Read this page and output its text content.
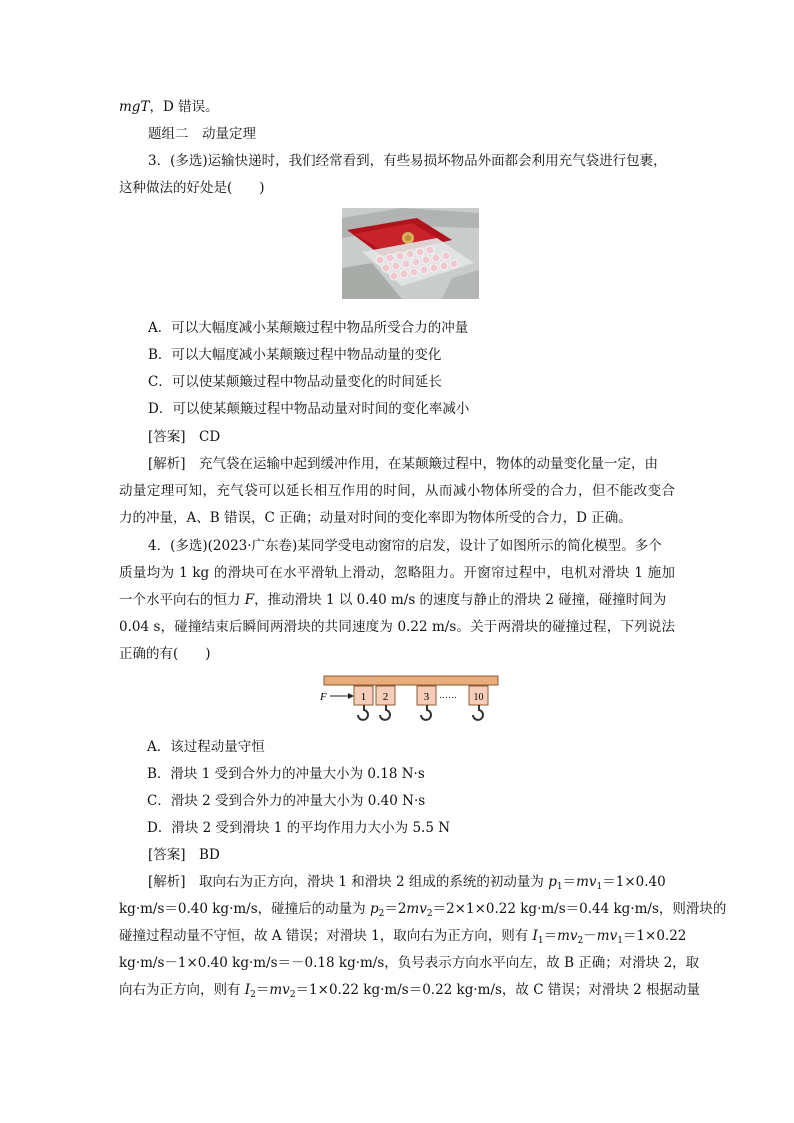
mgT，D 错误。
题组二　动量定理
3．(多选)运输快递时，我们经常看到，有些易损坏物品外面都会利用充气袋进行包裹，
这种做法的好处是(　　)
A．可以大幅度减小某颠簸过程中物品所受合力的冲量
B．可以大幅度减小某颠簸过程中物品动量的变化
C．可以使某颠簸过程中物品动量变化的时间延长
D．可以使某颠簸过程中物品动量对时间的变化率减小
[答案]　 CD
[解析]　 充气袋在运输中起到缓冲作用，在某颠簸过程中，物体的动量变化量一定，由
动量定理可知，充气袋可以延长相互作用的时间，从而减小物体所受的合力，但不能改变合
力的冲量，A、B 错误，C 正确；动量对时间的变化率即为物体所受的合力，D 正确。
4．(多选)(2023·广东卷)某同学受电动窗帘的启发，设计了如图所示的简化模型。多个
质量均为 1 kg 的滑块可在水平滑轨上滑动，忽略阻力。开窗帘过程中，电机对滑块 1 施加
一个水平向右的恒力 F，推动滑块 1 以 0.40 m/s 的速度与静止的滑块 2 碰撞，碰撞时间为
0.04 s，碰撞结束后瞬间两滑块的共同速度为 0.22 m/s。关于两滑块的碰撞过程，下列说法
正确的有(　　)
F	1 2	3 …… 10
A．该过程动量守恒
B．滑块 1 受到合外力的冲量大小为 0.18 N·s
C．滑块 2 受到合外力的冲量大小为 0.40 N·s
D．滑块 2 受到滑块 1 的平均作用力大小为 5.5 N
[答案]　 BD
[解析]　取向右为正方向，滑块 1 和滑块 2 组成的系统的初动量为 $p_1=mv_1=1\times 0.40$
kg·m/s＝0.40 kg·m/s，碰撞后的动量为 $p_2=2mv_2=2\times 1\times 0.22$ kg·m/s＝0.44 kg·m/s，则滑块的
碰撞过程动量不守恒，故 A 错误；对滑块 1，取向右为正方向，则有 $I_1=mv_2-mv_1=1\times 0.22$
kg·m/s－1×0.40 kg·m/s＝－0.18 kg·m/s，负号表示方向水平向左，故 B 正确；对滑块 2，取
向右为正方向，则有 $I_2=mv_2=1\times 0.22$ kg·m/s＝0.22 kg·m/s，故 C 错误；对滑块 2 根据动量
